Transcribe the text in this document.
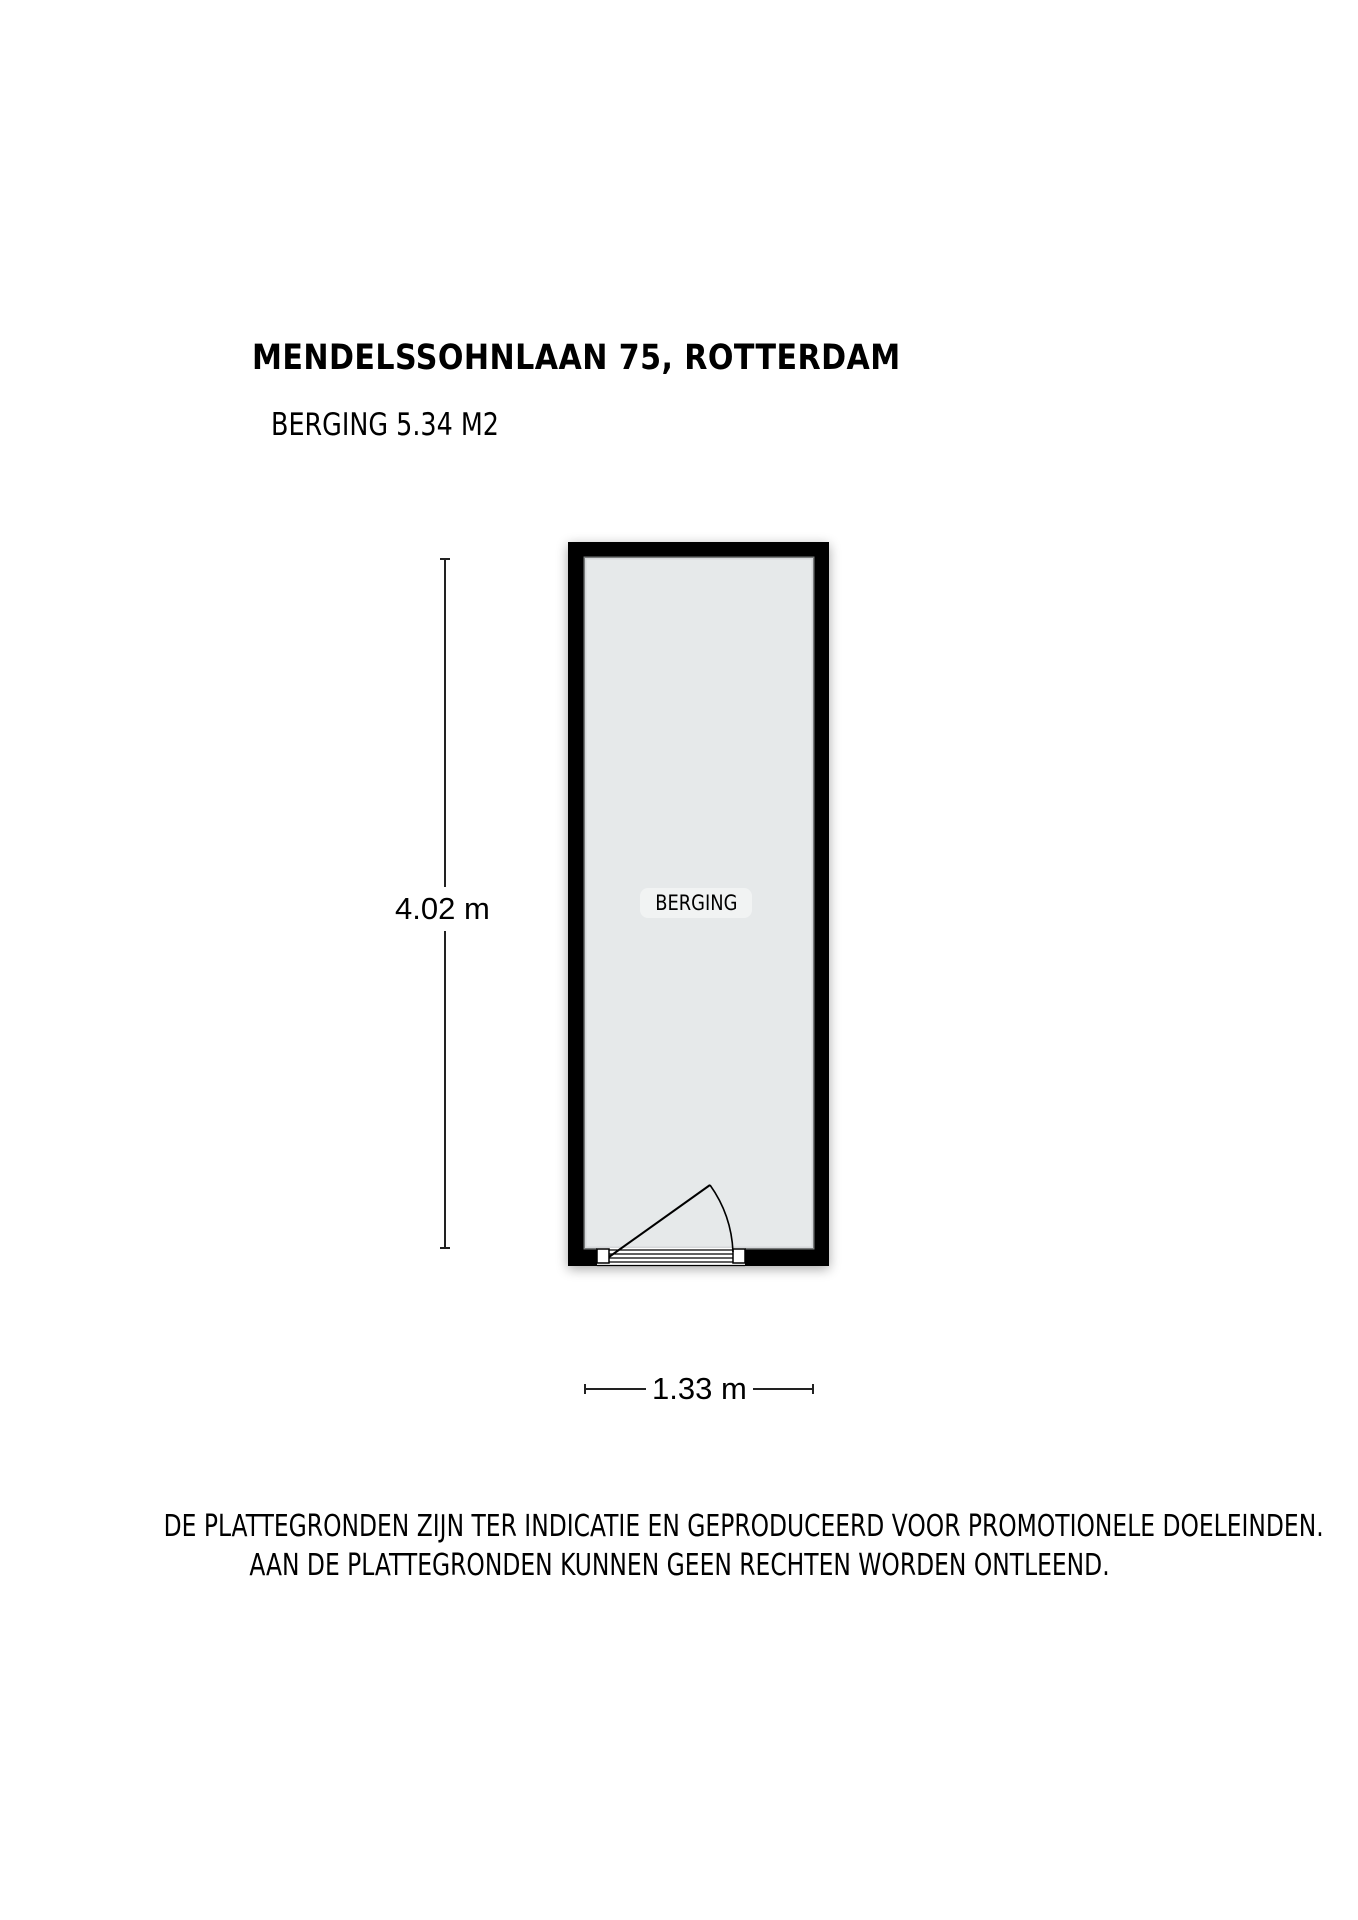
MENDELSSOHNLAAN 75, ROTTERDAM
BERGING 5.34 M2
4.02 m
1.33 m
BERGING
DE PLATTEGRONDEN ZIJN TER INDICATIE EN GEPRODUCEERD VOOR PROMOTIONELE DOELEINDEN.
AAN DE PLATTEGRONDEN KUNNEN GEEN RECHTEN WORDEN ONTLEEND.
